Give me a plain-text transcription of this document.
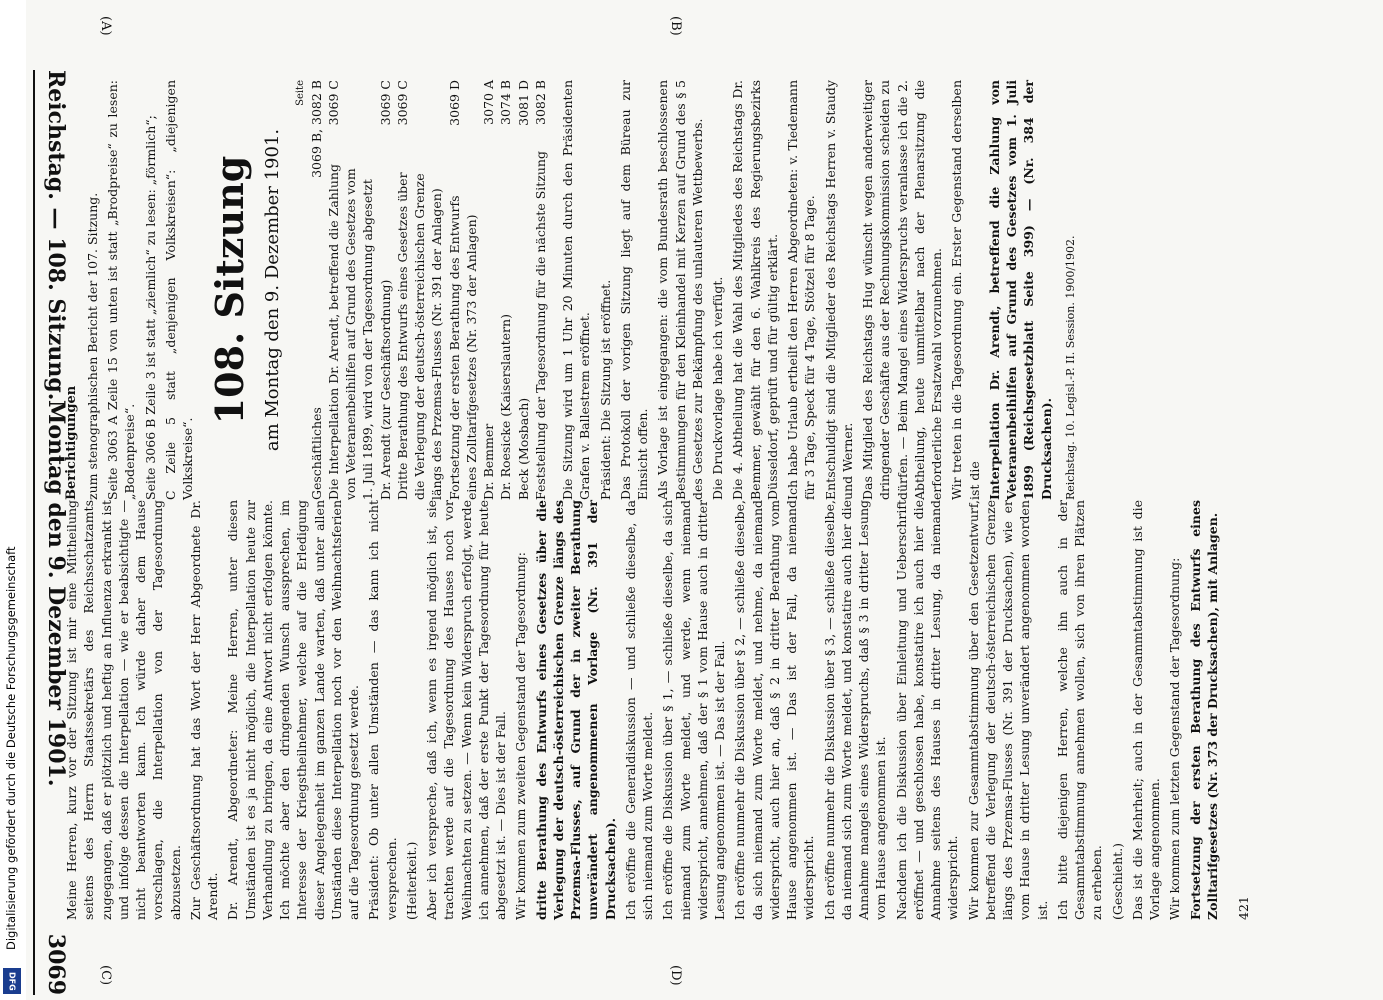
Reichstag. — 108. Sitzung.
Montag den 9. Dezember 1901.
3069

Berichtigungen zum stenographischen Bericht der 107. Sitzung. Seite 3063 A Zeile 15 von unten ist statt „Brodpreise“ zu lesen: „Bodenpreise“. Seite 3066 B Zeile 3 ist statt „ziemlich“ zu lesen: „förmlich“; C Zeile 5 statt „denjenigen Volkskreisen“: „diejenigen Volkskreise“.

108. Sitzung am Montag den 9. Dezember 1901.

Seite

Geschäftliches
3069 B, 3082 B
Die Interpellation Dr. Arendt, betreffend die Zahlung von Veteranenbeihilfen auf Grund des Gesetzes vom 1. Juli 1899, wird von der Tagesordnung abgesetzt
3069 C
Dr. Arendt (zur Geschäftsordnung)
3069 C
Dritte Berathung des Entwurfs eines Gesetzes über die Verlegung der deutsch-österreichischen Grenze längs des Przemsa-Flusses (Nr. 391 der Anlagen)
3069 C
Fortsetzung der ersten Berathung des Entwurfs eines Zolltarifgesetzes (Nr. 373 der Anlagen)
3069 D
Dr. Bemmer
3070 A
Dr. Roesicke (Kaiserslautern)
3074 B
Beck (Mosbach)
3081 D
Feststellung der Tagesordnung für die nächste Sitzung
3082 B Die Sitzung wird um 1 Uhr 20 Minuten durch den Präsidenten Grafen v. Ballestrem eröffnet. Präsident: Die Sitzung ist eröffnet. Das Protokoll der vorigen Sitzung liegt auf dem Büreau zur Einsicht offen. Als Vorlage ist eingegangen: die vom Bundesrath beschlossenen Bestimmungen für den Kleinhandel mit Kerzen auf Grund des § 5 des Gesetzes zur Bekämpfung des unlauteren Wettbewerbs. Die Druckvorlage habe ich verfügt. Die 4. Abtheilung hat die Wahl des Mitgliedes des Reichstags Dr. Bemmer, gewählt für den 6. Wahlkreis des Regierungsbezirks Düsseldorf, geprüft und für gültig erklärt. Ich habe Urlaub ertheilt den Herren Abgeordneten: v. Tiedemann für 3 Tage, Speck für 4 Tage, Stötzel für 8 Tage. Entschuldigt sind die Mitglieder des Reichstags Herren v. Staudy und Werner. Das Mitglied des Reichstags Hug wünscht wegen anderweitiger dringender Geschäfte aus der Rechnungskommission scheiden zu dürfen. — Beim Mangel eines Widerspruchs veranlasse ich die 2. Abtheilung, heute unmittelbar nach der Plenarsitzung die erforderliche Ersatzwahl vorzunehmen. Wir treten in die Tagesordnung ein. Erster Gegenstand derselben ist die Interpellation Dr. Arendt, betreffend die Zahlung von Veteranenbeihilfen auf Grund des Gesetzes vom 1. Juli 1899 (Reichsgesetzblatt Seite 399) — (Nr. 384 der Drucksachen). Reichstag. 10. Legisl.-P. II. Session. 1900/1902.

Meine Herren, kurz vor der Sitzung ist mir eine Mittheilung seitens des Herrn Staatssekretärs des Reichsschatzamts zugegangen, daß er plötzlich und heftig an Influenza erkrankt ist und infolge dessen die Interpellation — wie er beabsichtigte — nicht beantworten kann. Ich würde daher dem Hause vorschlagen, die Interpellation von der Tagesordnung abzusetzen. Zur Geschäftsordnung hat das Wort der Herr Abgeordnete Dr. Arendt. Dr. Arendt, Abgeordneter: Meine Herren, unter diesen Umständen ist es ja nicht möglich, die Interpellation heute zur Verhandlung zu bringen, da eine Antwort nicht erfolgen könnte. Ich möchte aber den dringenden Wunsch aussprechen, im Interesse der Kriegstheilnehmer, welche auf die Erledigung dieser Angelegenheit im ganzen Lande warten, daß unter allen Umständen diese Interpellation noch vor den Weihnachtsferien auf die Tagesordnung gesetzt werde. Präsident: Ob unter allen Umständen — das kann ich nicht versprechen. (Heiterkeit.) Aber ich verspreche, daß ich, wenn es irgend möglich ist, sie trachten werde auf die Tagesordnung des Hauses noch vor Weihnachten zu setzen. — Wenn kein Widerspruch erfolgt, werde ich annehmen, daß der erste Punkt der Tagesordnung für heute abgesetzt ist. — Dies ist der Fall. Wir kommen zum zweiten Gegenstand der Tagesordnung: dritte Berathung des Entwurfs eines Gesetzes über die Verlegung der deutsch-österreichischen Grenze längs des Przemsa-Flusses, auf Grund der in zweiter Berathung unverändert angenommenen Vorlage (Nr. 391 der Drucksachen). Ich eröffne die Generaldiskussion — und schließe dieselbe, da sich niemand zum Worte meldet. Ich eröffne die Diskussion über § 1, — schließe dieselbe, da sich niemand zum Worte meldet, und werde, wenn niemand widerspricht, annehmen, daß der § 1 vom Hause auch in dritter Lesung angenommen ist. — Das ist der Fall. Ich eröffne nunmehr die Diskussion über § 2, — schließe dieselbe, da sich niemand zum Worte meldet, und nehme, da niemand widerspricht, auch hier an, daß § 2 in dritter Berathung vom Hause angenommen ist. — Das ist der Fall, da niemand widerspricht. Ich eröffne nunmehr die Diskussion über § 3, — schließe dieselbe, da niemand sich zum Worte meldet, und konstatire auch hier die Annahme mangels eines Widerspruchs, daß § 3 in dritter Lesung vom Hause angenommen ist. Nachdem ich die Diskussion über Einleitung und Ueberschrift eröffnet — und geschlossen habe, konstatire ich auch hier die Annahme seitens des Hauses in dritter Lesung, da niemand widerspricht. Wir kommen zur Gesammtabstimmung über den Gesetzentwurf, betreffend die Verlegung der deutsch-österreichischen Grenze längs des Przemsa-Flusses (Nr. 391 der Drucksachen), wie er vom Hause in dritter Lesung unverändert angenommen worden ist. Ich bitte diejenigen Herren, welche ihn auch in der Gesammtabstimmung annehmen wollen, sich von ihren Plätzen zu erheben. (Geschieht.) Das ist die Mehrheit; auch in der Gesammtabstimmung ist die Vorlage angenommen. Wir kommen zum letzten Gegenstand der Tagesordnung: Fortsetzung der ersten Berathung des Entwurfs eines Zolltarifgesetzes (Nr. 373 der Drucksachen), mit Anlagen. 421

(A)	(B)
(C)	(D)
Digitalisierung gefördert durch die Deutsche Forschungsgemeinschaft
DFG
